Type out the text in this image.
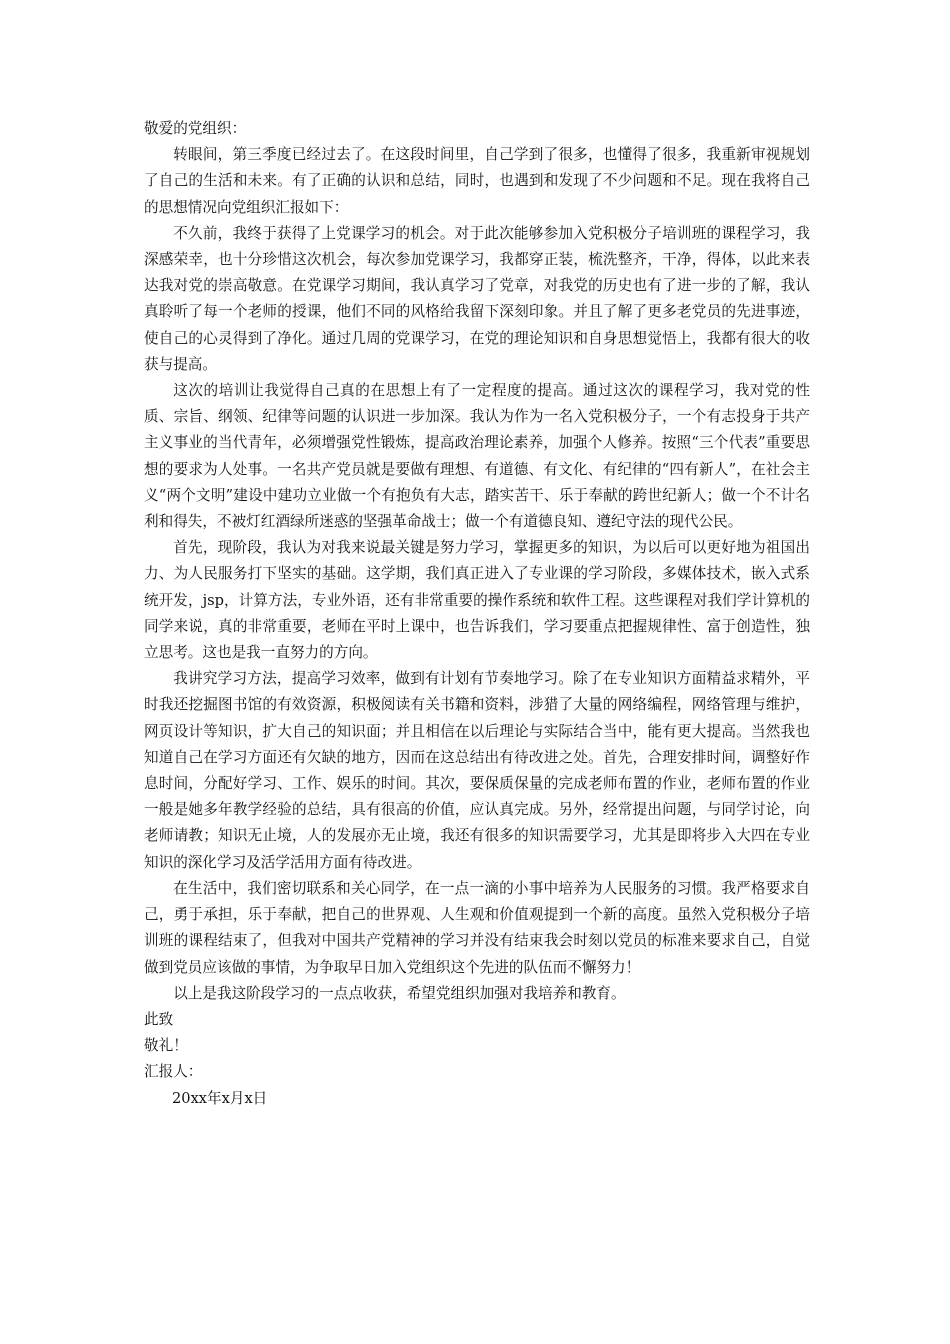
敬爱的党组织：

转眼间，第三季度已经过去了。在这段时间里，自己学到了很多，也懂得了很多，我重新审视规划了自己的生活和未来。有了正确的认识和总结，同时，也遇到和发现了不少问题和不足。现在我将自己的思想情况向党组织汇报如下：

不久前，我终于获得了上党课学习的机会。对于此次能够参加入党积极分子培训班的课程学习，我深感荣幸，也十分珍惜这次机会，每次参加党课学习，我都穿正装，梳洗整齐，干净，得体，以此来表达我对党的崇高敬意。在党课学习期间，我认真学习了党章，对我党的历史也有了进一步的了解，我认真聆听了每一个老师的授课，他们不同的风格给我留下深刻印象。并且了解了更多老党员的先进事迹，使自己的心灵得到了净化。通过几周的党课学习，在党的理论知识和自身思想觉悟上，我都有很大的收获与提高。

这次的培训让我觉得自己真的在思想上有了一定程度的提高。通过这次的课程学习，我对党的性质、宗旨、纲领、纪律等问题的认识进一步加深。我认为作为一名入党积极分子，一个有志投身于共产主义事业的当代青年，必须增强党性锻炼，提高政治理论素养，加强个人修养。按照“三个代表”重要思想的要求为人处事。一名共产党员就是要做有理想、有道德、有文化、有纪律的“四有新人”，在社会主义“两个文明”建设中建功立业做一个有抱负有大志，踏实苦干、乐于奉献的跨世纪新人；做一个不计名利和得失，不被灯红酒绿所迷惑的坚强革命战士；做一个有道德良知、遵纪守法的现代公民。

首先，现阶段，我认为对我来说最关键是努力学习，掌握更多的知识，为以后可以更好地为祖国出力、为人民服务打下坚实的基础。这学期，我们真正进入了专业课的学习阶段，多媒体技术，嵌入式系统开发，jsp，计算方法，专业外语，还有非常重要的操作系统和软件工程。这些课程对我们学计算机的同学来说，真的非常重要，老师在平时上课中，也告诉我们，学习要重点把握规律性、富于创造性，独立思考。这也是我一直努力的方向。

我讲究学习方法，提高学习效率，做到有计划有节奏地学习。除了在专业知识方面精益求精外，平时我还挖掘图书馆的有效资源，积极阅读有关书籍和资料，涉猎了大量的网络编程，网络管理与维护，网页设计等知识，扩大自己的知识面；并且相信在以后理论与实际结合当中，能有更大提高。当然我也知道自己在学习方面还有欠缺的地方，因而在这总结出有待改进之处。首先，合理安排时间，调整好作息时间，分配好学习、工作、娱乐的时间。其次，要保质保量的完成老师布置的作业，老师布置的作业一般是她多年教学经验的总结，具有很高的价值，应认真完成。另外，经常提出问题，与同学讨论，向老师请教；知识无止境，人的发展亦无止境，我还有很多的知识需要学习，尤其是即将步入大四在专业知识的深化学习及活学活用方面有待改进。

在生活中，我们密切联系和关心同学，在一点一滴的小事中培养为人民服务的习惯。我严格要求自己，勇于承担，乐于奉献，把自己的世界观、人生观和价值观提到一个新的高度。虽然入党积极分子培训班的课程结束了，但我对中国共产党精神的学习并没有结束我会时刻以党员的标准来要求自己，自觉做到党员应该做的事情，为争取早日加入党组织这个先进的队伍而不懈努力！

以上是我这阶段学习的一点点收获，希望党组织加强对我培养和教育。

此致

敬礼！

汇报人：

20xx年x月x日
